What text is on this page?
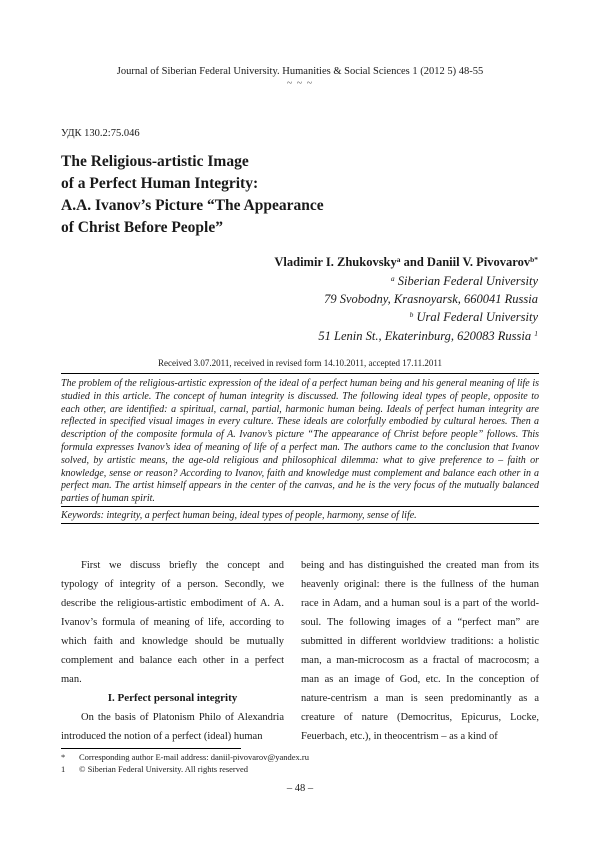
Journal of Siberian Federal University. Humanities & Social Sciences 1 (2012 5) 48-55
~ ~ ~
УДК 130.2:75.046
The Religious-artistic Image
of a Perfect Human Integrity:
A.A. Ivanov’s Picture “The Appearance
of Christ Before People”
Vladimir I. Zhukovsky$^a$ and Daniil V. Pivovarov$^{b*}$
$^a$ Siberian Federal University
79 Svobodny, Krasnoyarsk, 660041 Russia
$^b$ Ural Federal University
51 Lenin St., Ekaterinburg, 620083 Russia $^1$
Received 3.07.2011, received in revised form 14.10.2011, accepted 17.11.2011

The problem of the religious-artistic expression of the ideal of a perfect human being and his general meaning of life is studied in this article. The concept of human integrity is discussed. The following ideal types of people, opposite to each other, are identified: a spiritual, carnal, partial, harmonic human being. Ideals of perfect human integrity are reflected in specified visual images in every culture. These ideals are colorfully embodied by cultural heroes. Then a description of the composite formula of A. Ivanov’s picture “The appearance of Christ before people” follows. This formula expresses Ivanov’s idea of meaning of life of a perfect man. The authors came to the conclusion that Ivanov solved, by artistic means, the age-old religious and philosophical dilemma: what to give preference to – faith or knowledge, sense or reason? According to Ivanov, faith and knowledge must complement and balance each other in a perfect man. The artist himself appears in the center of the canvas, and he is the very focus of the mutually balanced parties of human spirit.

Keywords: integrity, a perfect human being, ideal types of people, harmony, sense of life.

First we discuss briefly the concept and typology of integrity of a person. Secondly, we describe the religious-artistic embodiment of A. A. Ivanov’s formula of meaning of life, according to which faith and knowledge should be mutually complement and balance each other in a perfect man.

I. Perfect personal integrity

On the basis of Platonism Philo of Alexandria introduced the notion of a perfect (ideal) human

being and has distinguished the created man from its heavenly original: there is the fullness of the human race in Adam, and a human soul is a part of the world-soul. The following images of a “perfect man” are submitted in different worldview traditions: a holistic man, a man-microcosm as a fractal of macrocosm; a man as an image of God, etc. In the conception of nature-centrism a man is seen predominantly as a creature of nature (Democritus, Epicurus, Locke, Feuerbach, etc.), in theocentrism – as a kind of

* Corresponding author E-mail address: daniil-pivovarov@yandex.ru
1 © Siberian Federal University. All rights reserved
– 48 –
